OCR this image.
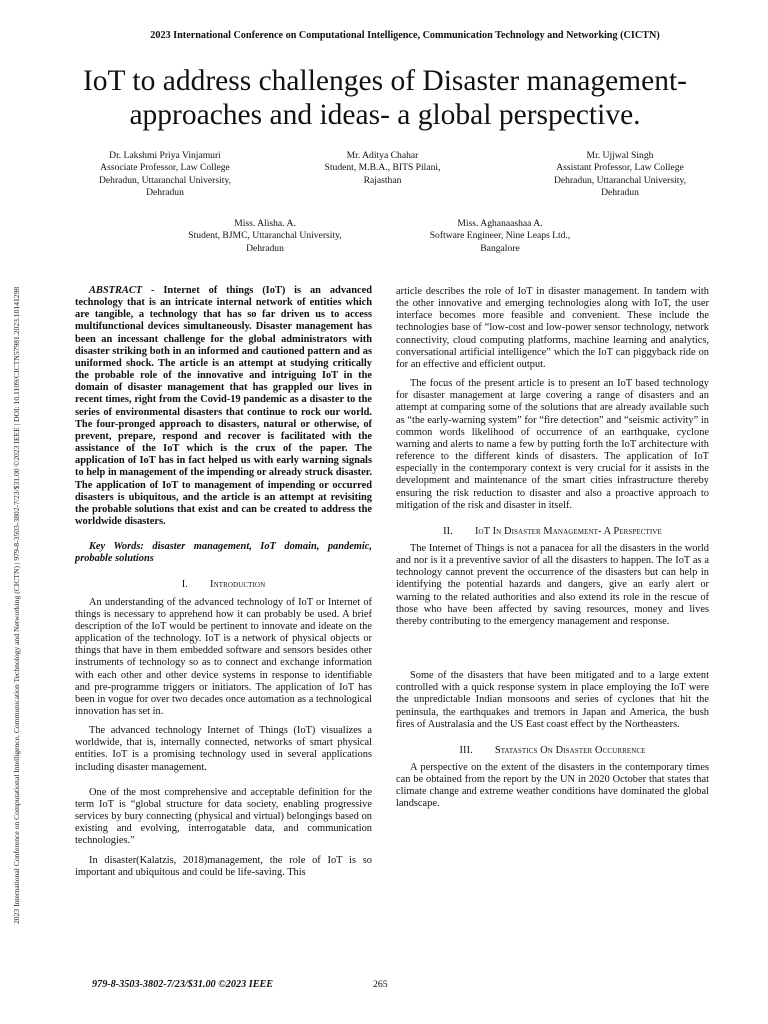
2023 International Conference on Computational Intelligence, Communication Technology and Networking (CICTN)
2023 International Conference on Computational Intelligence, Communication Technology and Networking (CICTN) | 979-8-3503-3802-7/23/$31.00 ©2023 IEEE | DOI: 10.1109/CICTN57981.2023.10141298
IoT to address challenges of Disaster management-
approaches and ideas- a global perspective.
Dr. Lakshmi Priya Vinjamuri
Associate Professor, Law College
Dehradun, Uttaranchal University,
Dehradun
Mr. Aditya Chahar
Student, M.B.A., BITS Pilani,
Rajasthan
Mr. Ujjwal Singh
Assistant Professor, Law College
Dehradun, Uttaranchal University,
Dehradun
Miss. Alisha. A.
Student, BJMC, Uttaranchal University,
Dehradun
Miss. Aghanaashaa A.
Software Engineer, Nine Leaps Ltd.,
Bangalore

ABSTRACT - Internet of things (IoT) is an advanced technology that is an intricate internal network of entities which are tangible, a technology that has so far driven us to access multifunctional devices simultaneously. Disaster management has been an incessant challenge for the global administrators with disaster striking both in an informed and cautioned pattern and as uniformed shock. The article is an attempt at studying critically the probable role of the innovative and intriguing IoT in the domain of disaster management that has grappled our lives in recent times, right from the Covid-19 pandemic as a disaster to the series of environmental disasters that continue to rock our world. The four-pronged approach to disasters, natural or otherwise, of prevent, prepare, respond and recover is facilitated with the assistance of the IoT which is the crux of the paper. The application of IoT has in fact helped us with early warning signals to help in management of the impending or already struck disaster. The application of IoT to management of impending or occurred disasters is ubiquitous, and the article is an attempt at revisiting the probable solutions that exist and can be created to address the worldwide disasters.

Key Words: disaster management, IoT domain, pandemic, probable solutions

I. Introduction

An understanding of the advanced technology of IoT or Internet of things is necessary to apprehend how it can probably be used. A brief description of the IoT would be pertinent to innovate and ideate on the application of the technology. IoT is a network of physical objects or things that have in them embedded software and sensors besides other instruments of technology so as to connect and exchange information with each other and other device systems in response to identifiable and pre-programme triggers or initiators. The application of IoT has been in vogue for over two decades once automation as a technological innovation has set in.

The advanced technology Internet of Things (IoT) visualizes a worldwide, that is, internally connected, networks of smart physical entities. IoT is a promising technology used in several applications including disaster management.

One of the most comprehensive and acceptable definition for the term IoT is “global structure for data society, enabling progressive services by bury connecting (physical and virtual) belongings based on existing and evolving, interrogatable data, and communication technologies.”

In disaster(Kalatzis, 2018)management, the role of IoT is so important and ubiquitous and could be life-saving. This

article describes the role of IoT in disaster management. In tandem with the other innovative and emerging technologies along with IoT, the user interface becomes more feasible and convenient. These include the technologies base of “low-cost and low-power sensor technology, network connectivity, cloud computing platforms, machine learning and analytics, conversational artificial intelligence” which the IoT can piggyback ride on for an effective and efficient output.

The focus of the present article is to present an IoT based technology for disaster management at large covering a range of disasters and an attempt at comparing some of the solutions that are already available such as “the early-warning system” for “fire detection” and “seismic activity” in common words likelihood of occurrence of an earthquake, cyclone warning and alerts to name a few by putting forth the IoT architecture with reference to the different kinds of disasters. The application of IoT especially in the contemporary context is very crucial for it assists in the development and maintenance of the smart cities infrastructure thereby ensuring the risk reduction to disaster and also a proactive approach to mitigation of the risk and disaster in itself.

II. IoT In Disaster Management- A Perspective

The Internet of Things is not a panacea for all the disasters in the world and nor is it a preventive savior of all the disasters to happen. The IoT as a technology cannot prevent the occurrence of the disasters but can help in identifying the potential hazards and dangers, give an early alert or warning to the related authorities and also extend its role in the rescue of those who have been affected by saving resources, money and lives thereby contributing to the emergency management and response.

Some of the disasters that have been mitigated and to a large extent controlled with a quick response system in place employing the IoT were the unpredictable Indian monsoons and series of cyclones that hit the peninsula, the earthquakes and tremors in Japan and America, the bush fires of Australasia and the US East coast effect by the Northeasters.

III. Statastics On Disaster Occurrence

A perspective on the extent of the disasters in the contemporary times can be obtained from the report by the UN in 2020 October that states that climate change and extreme weather conditions have dominated the global landscape.

979-8-3503-3802-7/23/$31.00 ©2023 IEEE	265
